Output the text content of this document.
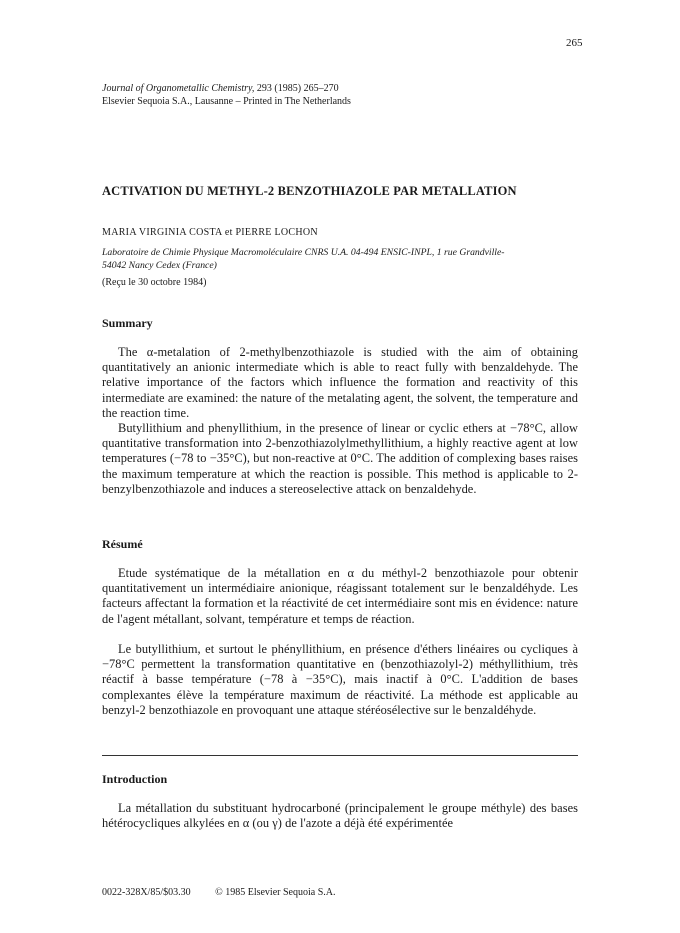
265
Journal of Organometallic Chemistry, 293 (1985) 265–270
Elsevier Sequoia S.A., Lausanne – Printed in The Netherlands
ACTIVATION DU METHYL-2 BENZOTHIAZOLE PAR METALLATION
MARIA VIRGINIA COSTA et PIERRE LOCHON
Laboratoire de Chimie Physique Macromoléculaire CNRS U.A. 04-494 ENSIC-INPL, 1 rue Grandville-
54042 Nancy Cedex (France)
(Reçu le 30 octobre 1984)
Summary

The α-metalation of 2-methylbenzothiazole is studied with the aim of obtaining quantitatively an anionic intermediate which is able to react fully with benzaldehyde. The relative importance of the factors which influence the formation and reactivity of this intermediate are examined: the nature of the metalating agent, the solvent, the temperature and the reaction time.

Butyllithium and phenyllithium, in the presence of linear or cyclic ethers at −78°C, allow quantitative transformation into 2-benzothiazolylmethyllithium, a highly reactive agent at low temperatures (−78 to −35°C), but non-reactive at 0°C. The addition of complexing bases raises the maximum temperature at which the reaction is possible. This method is applicable to 2-benzylbenzothiazole and induces a stereoselective attack on benzaldehyde.

Résumé

Etude systématique de la métallation en α du méthyl-2 benzothiazole pour obtenir quantitativement un intermédiaire anionique, réagissant totalement sur le benzaldéhyde. Les facteurs affectant la formation et la réactivité de cet intermédiaire sont mis en évidence: nature de l'agent métallant, solvant, température et temps de réaction.

Le butyllithium, et surtout le phényllithium, en présence d'éthers linéaires ou cycliques à −78°C permettent la transformation quantitative en (benzothiazolyl-2) méthyllithium, très réactif à basse température (−78 à −35°C), mais inactif à 0°C. L'addition de bases complexantes élève la température maximum de réactivité. La méthode est applicable au benzyl-2 benzothiazole en provoquant une attaque stéréosélective sur le benzaldéhyde.

Introduction

La métallation du substituant hydrocarboné (principalement le groupe méthyle) des bases hétérocycliques alkylées en α (ou γ) de l'azote a déjà été expérimentée

0022-328X/85/$03.30 © 1985 Elsevier Sequoia S.A.
